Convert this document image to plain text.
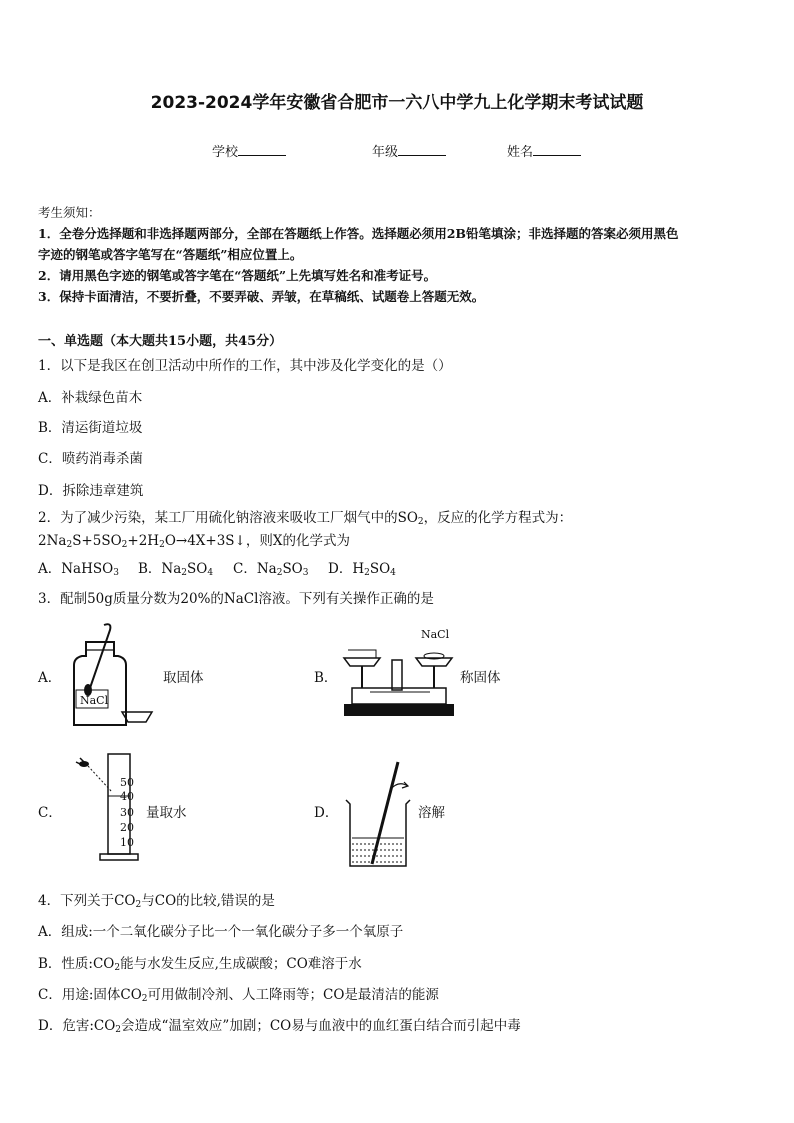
2023-2024学年安徽省合肥市一六八中学九上化学期末考试试题
学校	年级	姓名
考生须知：
1．全卷分选择题和非选择题两部分，全部在答题纸上作答。选择题必须用2B铅笔填涂；非选择题的答案必须用黑色
字迹的钢笔或答字笔写在“答题纸”相应位置上。
2．请用黑色字迹的钢笔或答字笔在“答题纸”上先填写姓名和准考证号。
3．保持卡面清洁，不要折叠，不要弄破、弄皱，在草稿纸、试题卷上答题无效。
一、单选题（本大题共15小题，共45分）
1．以下是我区在创卫活动中所作的工作，其中涉及化学变化的是（）
A．补栽绿色苗木
B．清运街道垃圾
C．喷药消毒杀菌
D．拆除违章建筑
2．为了减少污染，某工厂用硫化钠溶液来吸收工厂烟气中的$SO_2$，反应的化学方程式为：
$2Na_2S+5SO_2+2H_2O\to 4X+3S↓$，则X的化学式为
A．NaHSO$_3$ B．$Na_2SO_4$ C．$Na_2SO_3$ D．$H_2SO_4$
3．配制50g质量分数为20%的NaCl溶液。下列有关操作正确的是
A．
NaCl
取固体	B．
NaCl
称固体
C．
50
40
30
20
10
量取水	D．	溶解
4．下列关于$CO_2$与CO的比较,错误的是
A．组成:一个二氧化碳分子比一个一氧化碳分子多一个氧原子
B．性质$:CO_2$能与水发生反应,生成碳酸；CO难溶于水
C．用途:固体$CO_2$可用做制冷剂、人工降雨等；CO是最清洁的能源
D．危害$:CO_2$会造成“温室效应”加剧；CO易与血液中的血红蛋白结合而引起中毒
